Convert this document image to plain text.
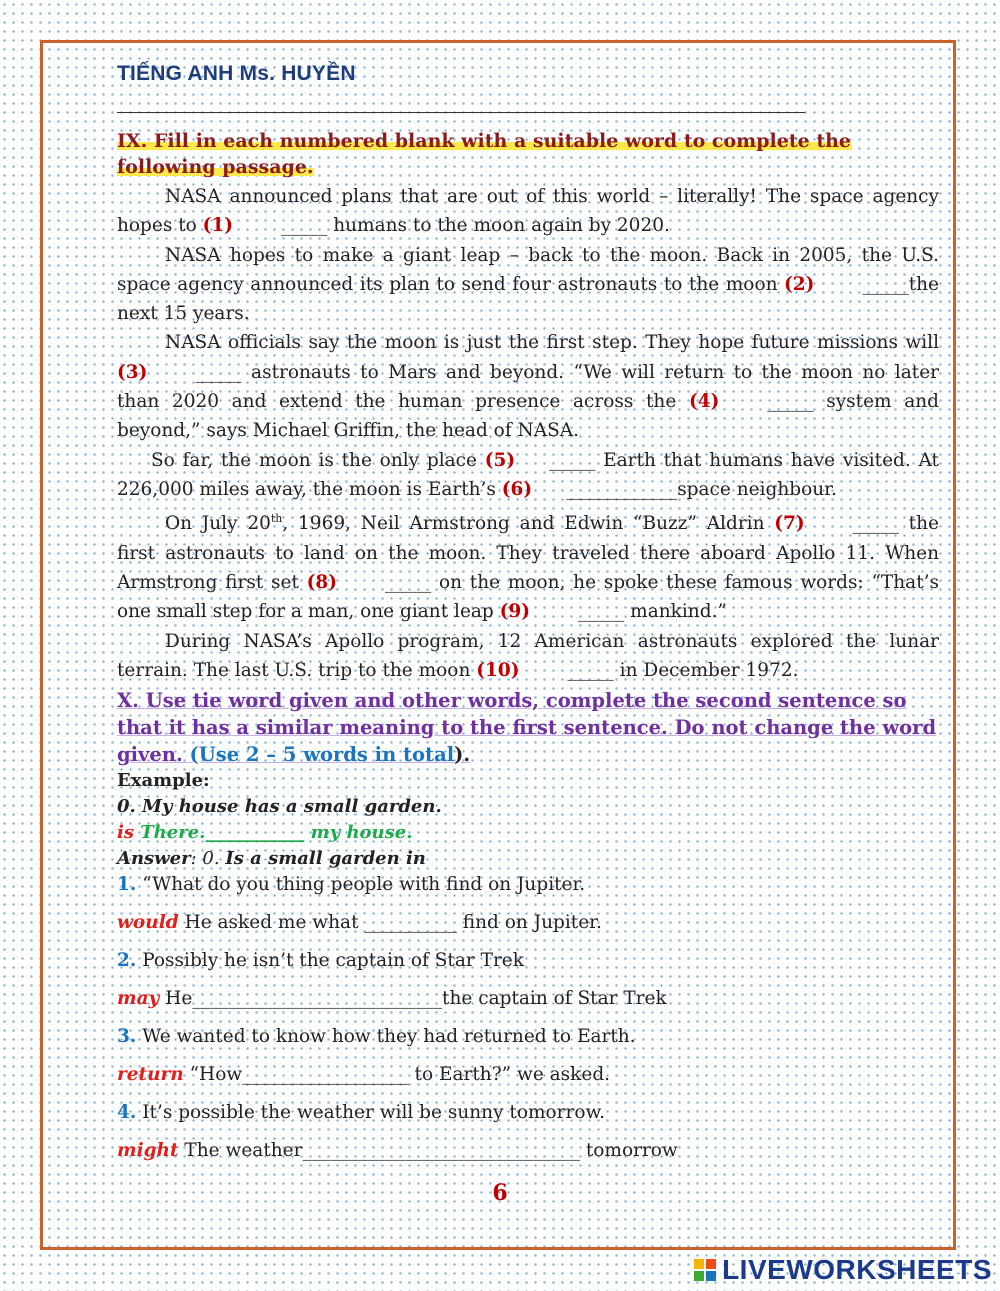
TIẾNG ANH Ms. HUYỀN
IX. Fill in each numbered blank with a suitable word to complete the following passage.

NASA announced plans that are out of this world – literally! The space agency hopes to (1)	_____ humans to the moon again by 2020.

NASA hopes to make a giant leap – back to the moon. Back in 2005, the U.S. space agency announced its plan to send four astronauts to the moon (2)	_____the next 15 years.

NASA officials say the moon is just the first step. They hope future missions will (3)	_____ astronauts to Mars and beyond. “We will return to the moon no later than 2020 and extend the human presence across the (4)	_____ system and beyond,” says Michael Griffin, the head of NASA.

So far, the moon is the only place (5)_____ Earth that humans have visited. At 226,000 miles away, the moon is Earth’s (6)____________space neighbour.

On July 20th, 1969, Neil Armstrong and Edwin “Buzz” Aldrin (7)	_____ the first astronauts to land on the moon. They traveled there aboard Apollo 11. When Armstrong first set (8)	_____ on the moon, he spoke these famous words: “That’s one small step for a man, one giant leap (9)	_____ mankind.”

During NASA’s Apollo program, 12 American astronauts explored the lunar terrain. The last U.S. trip to the moon (10)	_____ in December 1972.

X. Use tie word given and other words, complete the second sentence so that it has a similar meaning to the first sentence. Do not change the word given. (Use 2 – 5 words in total).
Example:
0. My house has a small garden.
is There.___________ my house.
Answer: 0. Is a small garden in
1. “What do you thing people with find on Jupiter.
would He asked me what __________ find on Jupiter.
2. Possibly he isn’t the captain of Star Trek
may He___________________________the captain of Star Trek
3. We wanted to know how they had returned to Earth.
return “How__________________ to Earth?” we asked.
4. It’s possible the weather will be sunny tomorrow.
might The weather______________________________ tomorrow
6
LIVEWORKSHEETS
